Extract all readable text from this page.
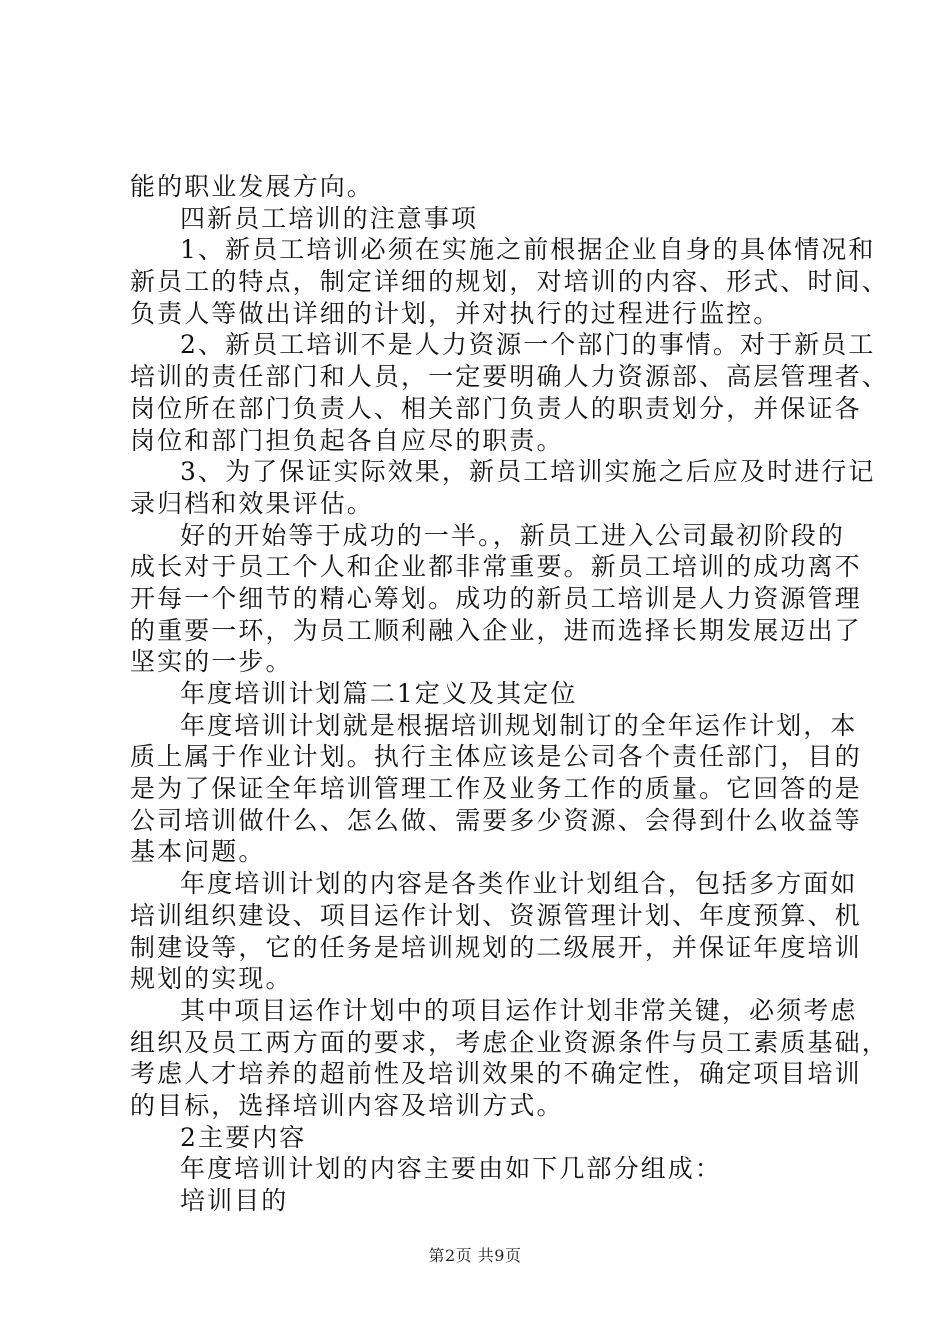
能的职业发展方向。
四新员工培训的注意事项
1、新员工培训必须在实施之前根据企业自身的具体情况和
新员工的特点，制定详细的规划，对培训的内容、形式、时间、
负责人等做出详细的计划，并对执行的过程进行监控。
2、新员工培训不是人力资源一个部门的事情。对于新员工
培训的责任部门和人员，一定要明确人力资源部、高层管理者、
岗位所在部门负责人、相关部门负责人的职责划分，并保证各
岗位和部门担负起各自应尽的职责。
3、为了保证实际效果，新员工培训实施之后应及时进行记
录归档和效果评估。
好的开始等于成功的一半。，新员工进入公司最初阶段的
成长对于员工个人和企业都非常重要。新员工培训的成功离不
开每一个细节的精心筹划。成功的新员工培训是人力资源管理
的重要一环，为员工顺利融入企业，进而选择长期发展迈出了
坚实的一步。
年度培训计划篇二1定义及其定位
年度培训计划就是根据培训规划制订的全年运作计划，本
质上属于作业计划。执行主体应该是公司各个责任部门，目的
是为了保证全年培训管理工作及业务工作的质量。它回答的是
公司培训做什么、怎么做、需要多少资源、会得到什么收益等
基本问题。
年度培训计划的内容是各类作业计划组合，包括多方面如
培训组织建设、项目运作计划、资源管理计划、年度预算、机
制建设等，它的任务是培训规划的二级展开，并保证年度培训
规划的实现。
其中项目运作计划中的项目运作计划非常关键，必须考虑
组织及员工两方面的要求，考虑企业资源条件与员工素质基础，
考虑人才培养的超前性及培训效果的不确定性，确定项目培训
的目标，选择培训内容及培训方式。
2主要内容
年度培训计划的内容主要由如下几部分组成：
培训目的
第2页 共9页
